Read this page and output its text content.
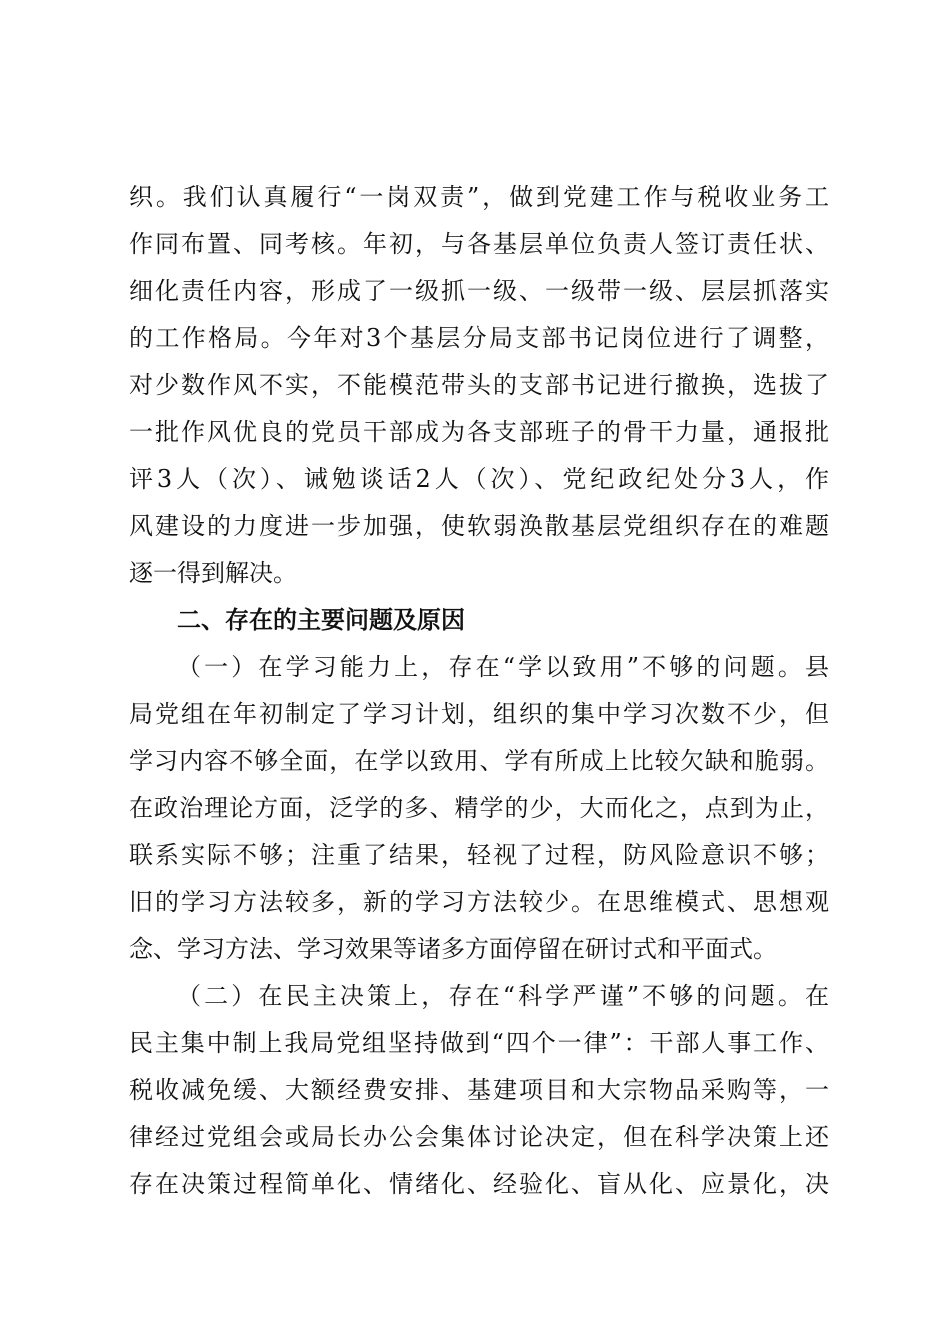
织。我们认真履行“一岗双责”，做到党建工作与税收业务工
作同布置、同考核。年初，与各基层单位负责人签订责任状、
细化责任内容，形成了一级抓一级、一级带一级、层层抓落实
的工作格局。今年对3个基层分局支部书记岗位进行了调整，
对少数作风不实，不能模范带头的支部书记进行撤换，选拔了
一批作风优良的党员干部成为各支部班子的骨干力量，通报批
评3人（次）、诫勉谈话2人（次）、党纪政纪处分3人，作
风建设的力度进一步加强，使软弱涣散基层党组织存在的难题
逐一得到解决。
二、存在的主要问题及原因
（一）在学习能力上，存在“学以致用”不够的问题。县
局党组在年初制定了学习计划，组织的集中学习次数不少，但
学习内容不够全面，在学以致用、学有所成上比较欠缺和脆弱。
在政治理论方面，泛学的多、精学的少，大而化之，点到为止，
联系实际不够；注重了结果，轻视了过程，防风险意识不够；
旧的学习方法较多，新的学习方法较少。在思维模式、思想观
念、学习方法、学习效果等诸多方面停留在研讨式和平面式。
（二）在民主决策上，存在“科学严谨”不够的问题。在
民主集中制上我局党组坚持做到“四个一律”：干部人事工作、
税收减免缓、大额经费安排、基建项目和大宗物品采购等，一
律经过党组会或局长办公会集体讨论决定，但在科学决策上还
存在决策过程简单化、情绪化、经验化、盲从化、应景化，决
